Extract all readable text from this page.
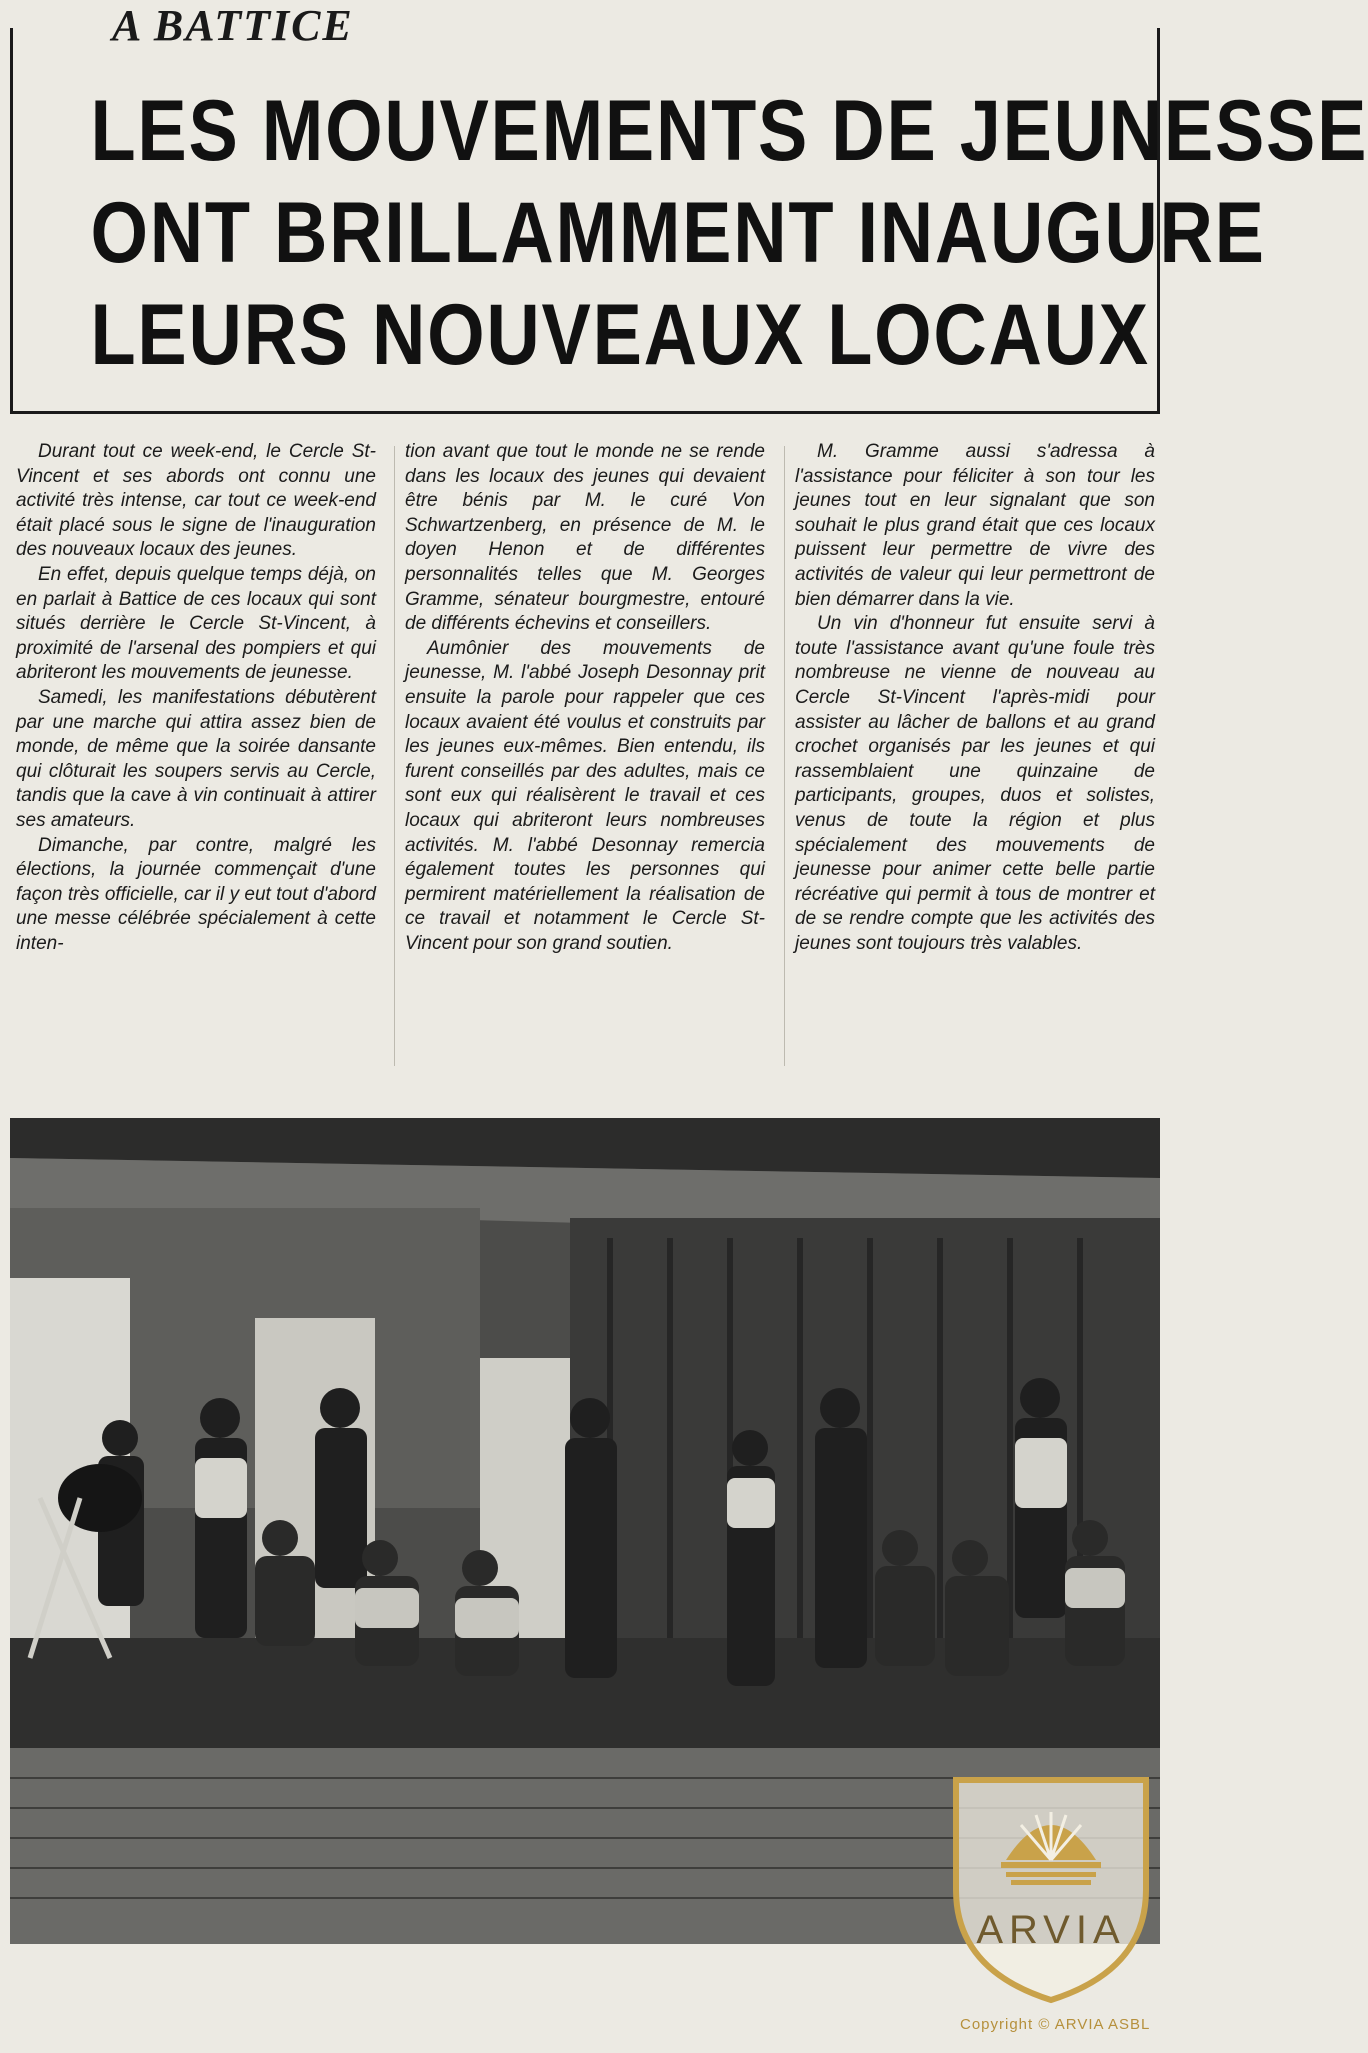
A BATTICE
LES MOUVEMENTS DE JEUNESSE
ONT BRILLAMMENT INAUGURE
LEURS NOUVEAUX LOCAUX

Durant tout ce week-end, le Cercle St-Vincent et ses abords ont connu une activité très intense, car tout ce week-end était placé sous le signe de l'inauguration des nouveaux locaux des jeunes.

En effet, depuis quelque temps déjà, on en parlait à Battice de ces locaux qui sont situés derrière le Cercle St-Vincent, à proximité de l'arsenal des pompiers et qui abriteront les mouvements de jeunesse.

Samedi, les manifestations débutèrent par une marche qui attira assez bien de monde, de même que la soirée dansante qui clôturait les soupers servis au Cercle, tandis que la cave à vin continuait à attirer ses amateurs.

Dimanche, par contre, malgré les élections, la journée commençait d'une façon très officielle, car il y eut tout d'abord une messe célébrée spécialement à cette inten-

tion avant que tout le monde ne se rende dans les locaux des jeunes qui devaient être bénis par M. le curé Von Schwartzenberg, en présence de M. le doyen Henon et de différentes personnalités telles que M. Georges Gramme, sénateur bourgmestre, entouré de différents échevins et conseillers.

Aumônier des mouvements de jeunesse, M. l'abbé Joseph Desonnay prit ensuite la parole pour rappeler que ces locaux avaient été voulus et construits par les jeunes eux-mêmes. Bien entendu, ils furent conseillés par des adultes, mais ce sont eux qui réalisèrent le travail et ces locaux qui abriteront leurs nombreuses activités. M. l'abbé Desonnay remercia également toutes les personnes qui permirent matériellement la réalisation de ce travail et notamment le Cercle St-Vincent pour son grand soutien.

M. Gramme aussi s'adressa à l'assistance pour féliciter à son tour les jeunes tout en leur signalant que son souhait le plus grand était que ces locaux puissent leur permettre de vivre des activités de valeur qui leur permettront de bien démarrer dans la vie.

Un vin d'honneur fut ensuite servi à toute l'assistance avant qu'une foule très nombreuse ne vienne de nouveau au Cercle St-Vincent l'après-midi pour assister au lâcher de ballons et au grand crochet organisés par les jeunes et qui rassemblaient une quinzaine de participants, groupes, duos et solistes, venus de toute la région et plus spécialement des mouvements de jeunesse pour animer cette belle partie récréative qui permit à tous de montrer et de se rendre compte que les activités des jeunes sont toujours très valables.

ARVIA
Copyright © ARVIA ASBL
